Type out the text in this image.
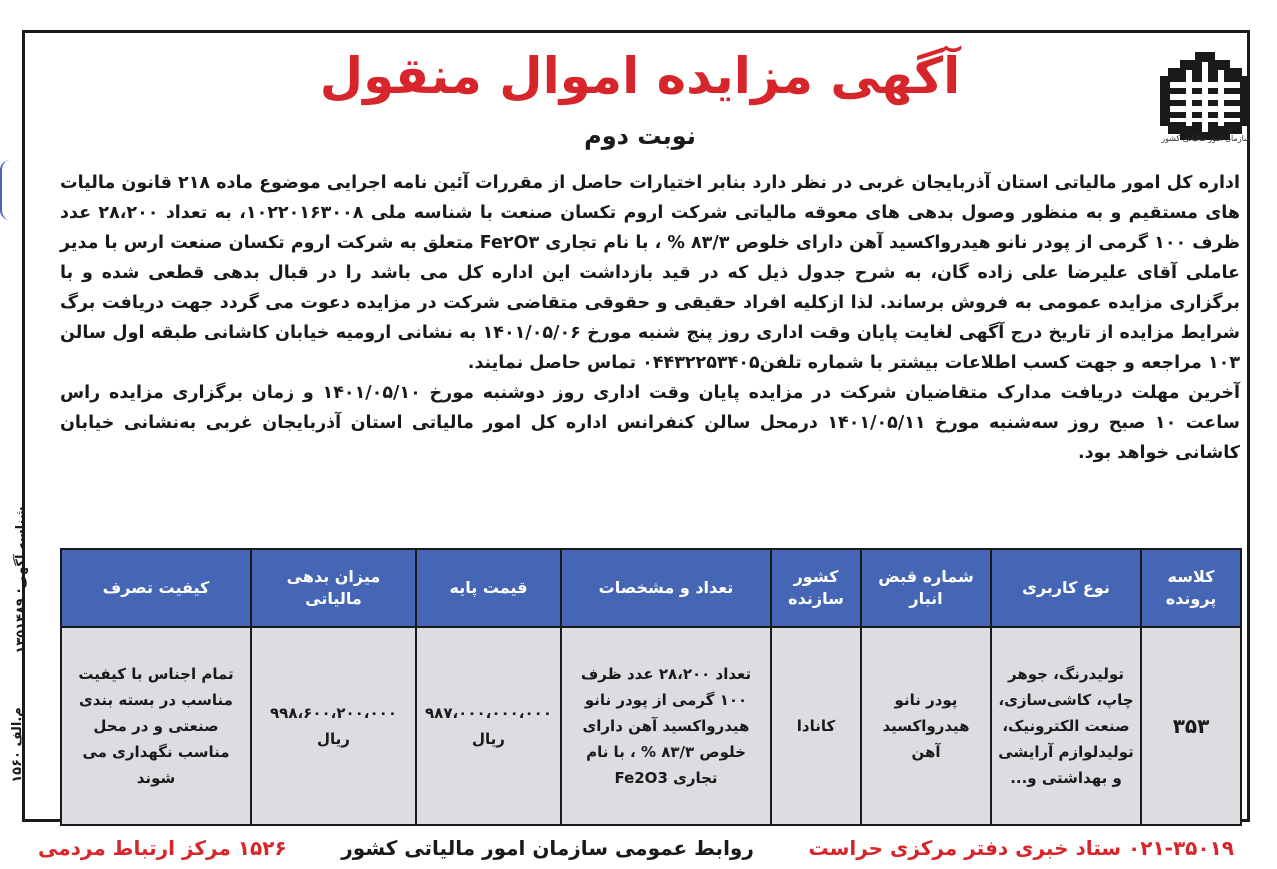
سازمان امور مالیاتی کشور
آگهی مزایده اموال منقول
نوبت دوم

اداره کل امور مالیاتی استان آذربایجان غربی در نظر دارد بنابر اختیارات حاصل از مقررات آئین نامه اجرایی موضوع ماده ۲۱۸ قانون مالیات های مستقیم و به منظور وصول بدهی های معوقه مالیاتی شرکت اروم تکسان صنعت با شناسه ملی ۱۰۲۲۰۱۶۳۰۰۸، به تعداد ۲۸،۲۰۰ عدد ظرف ۱۰۰ گرمی از پودر نانو هیدرواکسید آهن دارای خلوص ۸۳/۳ % ، با نام تجاری Fe۲O۳ متعلق به شرکت اروم تکسان صنعت ارس با مدیر عاملی آقای علیرضا علی زاده گان، به شرح جدول ذیل که در قید بازداشت این اداره کل می باشد را در قبال بدهی قطعی شده و با برگزاری مزایده عمومی به فروش برساند. لذا ازکلیه افراد حقیقی و حقوقی متقاضی شرکت در مزایده دعوت می گردد جهت دریافت برگ شرایط مزایده از تاریخ درج آگهی لغایت پایان وقت اداری روز پنج شنبه مورخ ۱۴۰۱/۰۵/۰۶ به نشانی ارومیه خیابان کاشانی طبقه اول سالن ۱۰۳ مراجعه و جهت کسب اطلاعات بیشتر با شماره تلفن۰۴۴۳۲۲۵۳۴۰۵ تماس حاصل نمایند.

آخرین مهلت دریافت مدارک متقاضیان شرکت در مزایده پایان وقت اداری روز دوشنبه مورخ ۱۴۰۱/۰۵/۱۰ و زمان برگزاری مزایده راس ساعت ۱۰ صبح روز سه‌شنبه مورخ ۱۴۰۱/۰۵/۱۱ درمحل سالن کنفرانس اداره کل امور مالیاتی استان آذربایجان غربی به‌نشانی خیابان کاشانی خواهد بود.

شناسه آگهی: ۱۳۵۱۴۸۹
م.الف ۱۵۶۰
کلاسه پرونده	نوع کاربری	شماره قبض انبار	کشور سازنده	تعداد و مشخصات	قیمت پایه	میزان بدهی مالیاتی	کیفیت تصرف
۳۵۳	تولیدرنگ، جوهر چاپ، کاشی‌سازی، صنعت الکترونیک، تولیدلوازم آرایشی و بهداشتی و...	پودر نانو هیدرواکسید آهن	کانادا	تعداد ۲۸،۲۰۰ عدد ظرف ۱۰۰ گرمی از پودر نانو هیدرواکسید آهن دارای خلوص ۸۳/۳ % ، با نام تجاری Fe2O3	۹۸۷،۰۰۰،۰۰۰،۰۰۰ ریال	۹۹۸،۶۰۰،۲۰۰،۰۰۰ ریال	تمام اجناس با کیفیت مناسب در بسته بندی صنعتی و در محل مناسب نگهداری می شوند
۰۲۱-۳۵۰۱۹ ستاد خبری دفتر مرکزی حراست
روابط عمومی سازمان امور مالیاتی کشور
۱۵۲۶ مرکز ارتباط مردمی
